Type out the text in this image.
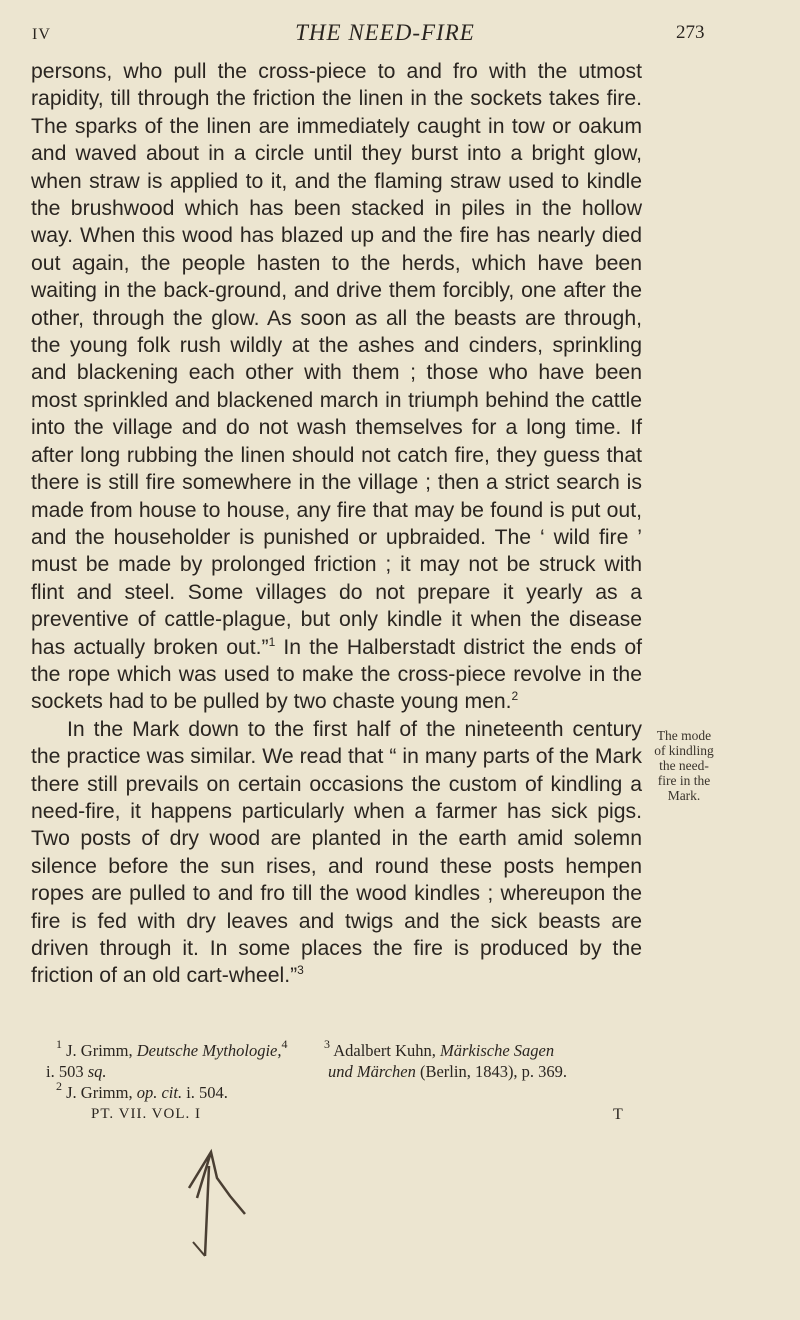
IV	THE NEED-FIRE	273

persons, who pull the cross-piece to and fro with the utmost rapidity, till through the friction the linen in the sockets takes fire. The sparks of the linen are immediately caught in tow or oakum and waved about in a circle until they burst into a bright glow, when straw is applied to it, and the flaming straw used to kindle the brushwood which has been stacked in piles in the hollow way. When this wood has blazed up and the fire has nearly died out again, the people hasten to the herds, which have been waiting in the back-ground, and drive them forcibly, one after the other, through the glow. As soon as all the beasts are through, the young folk rush wildly at the ashes and cinders, sprinkling and blackening each other with them ; those who have been most sprinkled and blackened march in triumph behind the cattle into the village and do not wash themselves for a long time. If after long rubbing the linen should not catch fire, they guess that there is still fire somewhere in the village ; then a strict search is made from house to house, any fire that may be found is put out, and the householder is punished or upbraided. The ‘ wild fire ’ must be made by prolonged friction ; it may not be struck with flint and steel. Some villages do not prepare it yearly as a preventive of cattle-plague, but only kindle it when the disease has actually broken out.”$^1$ In the Halberstadt district the ends of the rope which was used to make the cross-piece revolve in the sockets had to be pulled by two chaste young men.$^2$

In the Mark down to the first half of the nineteenth century the practice was similar. We read that “ in many parts of the Mark there still prevails on certain occasions the custom of kindling a need-fire, it happens particularly when a farmer has sick pigs. Two posts of dry wood are planted in the earth amid solemn silence before the sun rises, and round these posts hempen ropes are pulled to and fro till the wood kindles ; whereupon the fire is fed with dry leaves and twigs and the sick beasts are driven through it. In some places the fire is produced by the friction of an old cart-wheel.”$^3$

The mode
of kindling
the need-
fire in the
Mark.
$^1$ J. Grimm, Deutsche Mythologie,$^4$
i. 503 sq.
$^2$ J. Grimm, op. cit. i. 504.
$^3$ Adalbert Kuhn, Märkische Sagen
und Märchen (Berlin, 1843), p. 369.
PT. VII. VOL. I	T
